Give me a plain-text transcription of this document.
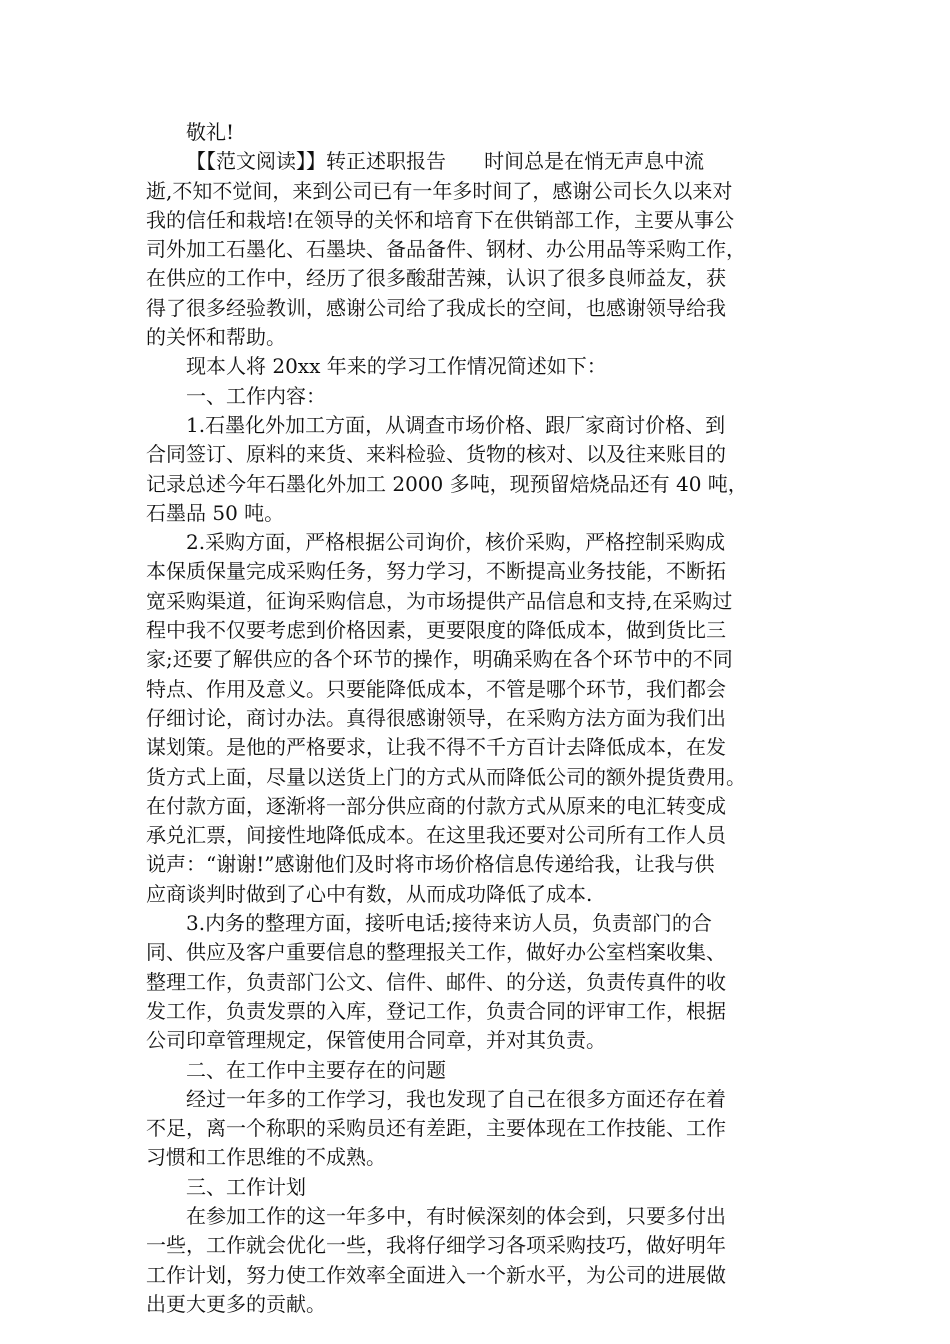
敬礼!
【【范文阅读】】转正述职报告      时间总是在悄无声息中流
逝,不知不觉间，来到公司已有一年多时间了，感谢公司长久以来对
我的信任和栽培!在领导的关怀和培育下在供销部工作，主要从事公
司外加工石墨化、石墨块、备品备件、钢材、办公用品等采购工作，
在供应的工作中，经历了很多酸甜苦辣，认识了很多良师益友，获
得了很多经验教训，感谢公司给了我成长的空间，也感谢领导给我
的关怀和帮助。
现本人将 20xx 年来的学习工作情况简述如下：
一、工作内容：
1.石墨化外加工方面，从调查市场价格、跟厂家商讨价格、到
合同签订、原料的来货、来料检验、货物的核对、以及往来账目的
记录总述今年石墨化外加工 2000 多吨，现预留焙烧品还有 40 吨，
石墨品 50 吨。
2.采购方面，严格根据公司询价，核价采购，严格控制采购成
本保质保量完成采购任务，努力学习，不断提高业务技能，不断拓
宽采购渠道，征询采购信息，为市场提供产品信息和支持,在采购过
程中我不仅要考虑到价格因素，更要限度的降低成本，做到货比三
家;还要了解供应的各个环节的操作，明确采购在各个环节中的不同
特点、作用及意义。只要能降低成本，不管是哪个环节，我们都会
仔细讨论，商讨办法。真得很感谢领导，在采购方法方面为我们出
谋划策。是他的严格要求，让我不得不千方百计去降低成本，在发
货方式上面，尽量以送货上门的方式从而降低公司的额外提货费用。
在付款方面，逐渐将一部分供应商的付款方式从原来的电汇转变成
承兑汇票，间接性地降低成本。在这里我还要对公司所有工作人员
说声：“谢谢!”感谢他们及时将市场价格信息传递给我，让我与供
应商谈判时做到了心中有数，从而成功降低了成本.
3.内务的整理方面，接听电话;接待来访人员，负责部门的合
同、供应及客户重要信息的整理报关工作，做好办公室档案收集、
整理工作，负责部门公文、信件、邮件、的分送，负责传真件的收
发工作，负责发票的入库，登记工作，负责合同的评审工作，根据
公司印章管理规定，保管使用合同章，并对其负责。
二、在工作中主要存在的问题
经过一年多的工作学习，我也发现了自己在很多方面还存在着
不足，离一个称职的采购员还有差距，主要体现在工作技能、工作
习惯和工作思维的不成熟。
三、工作计划
在参加工作的这一年多中，有时候深刻的体会到，只要多付出
一些，工作就会优化一些，我将仔细学习各项采购技巧，做好明年
工作计划，努力使工作效率全面进入一个新水平，为公司的进展做
出更大更多的贡献。
